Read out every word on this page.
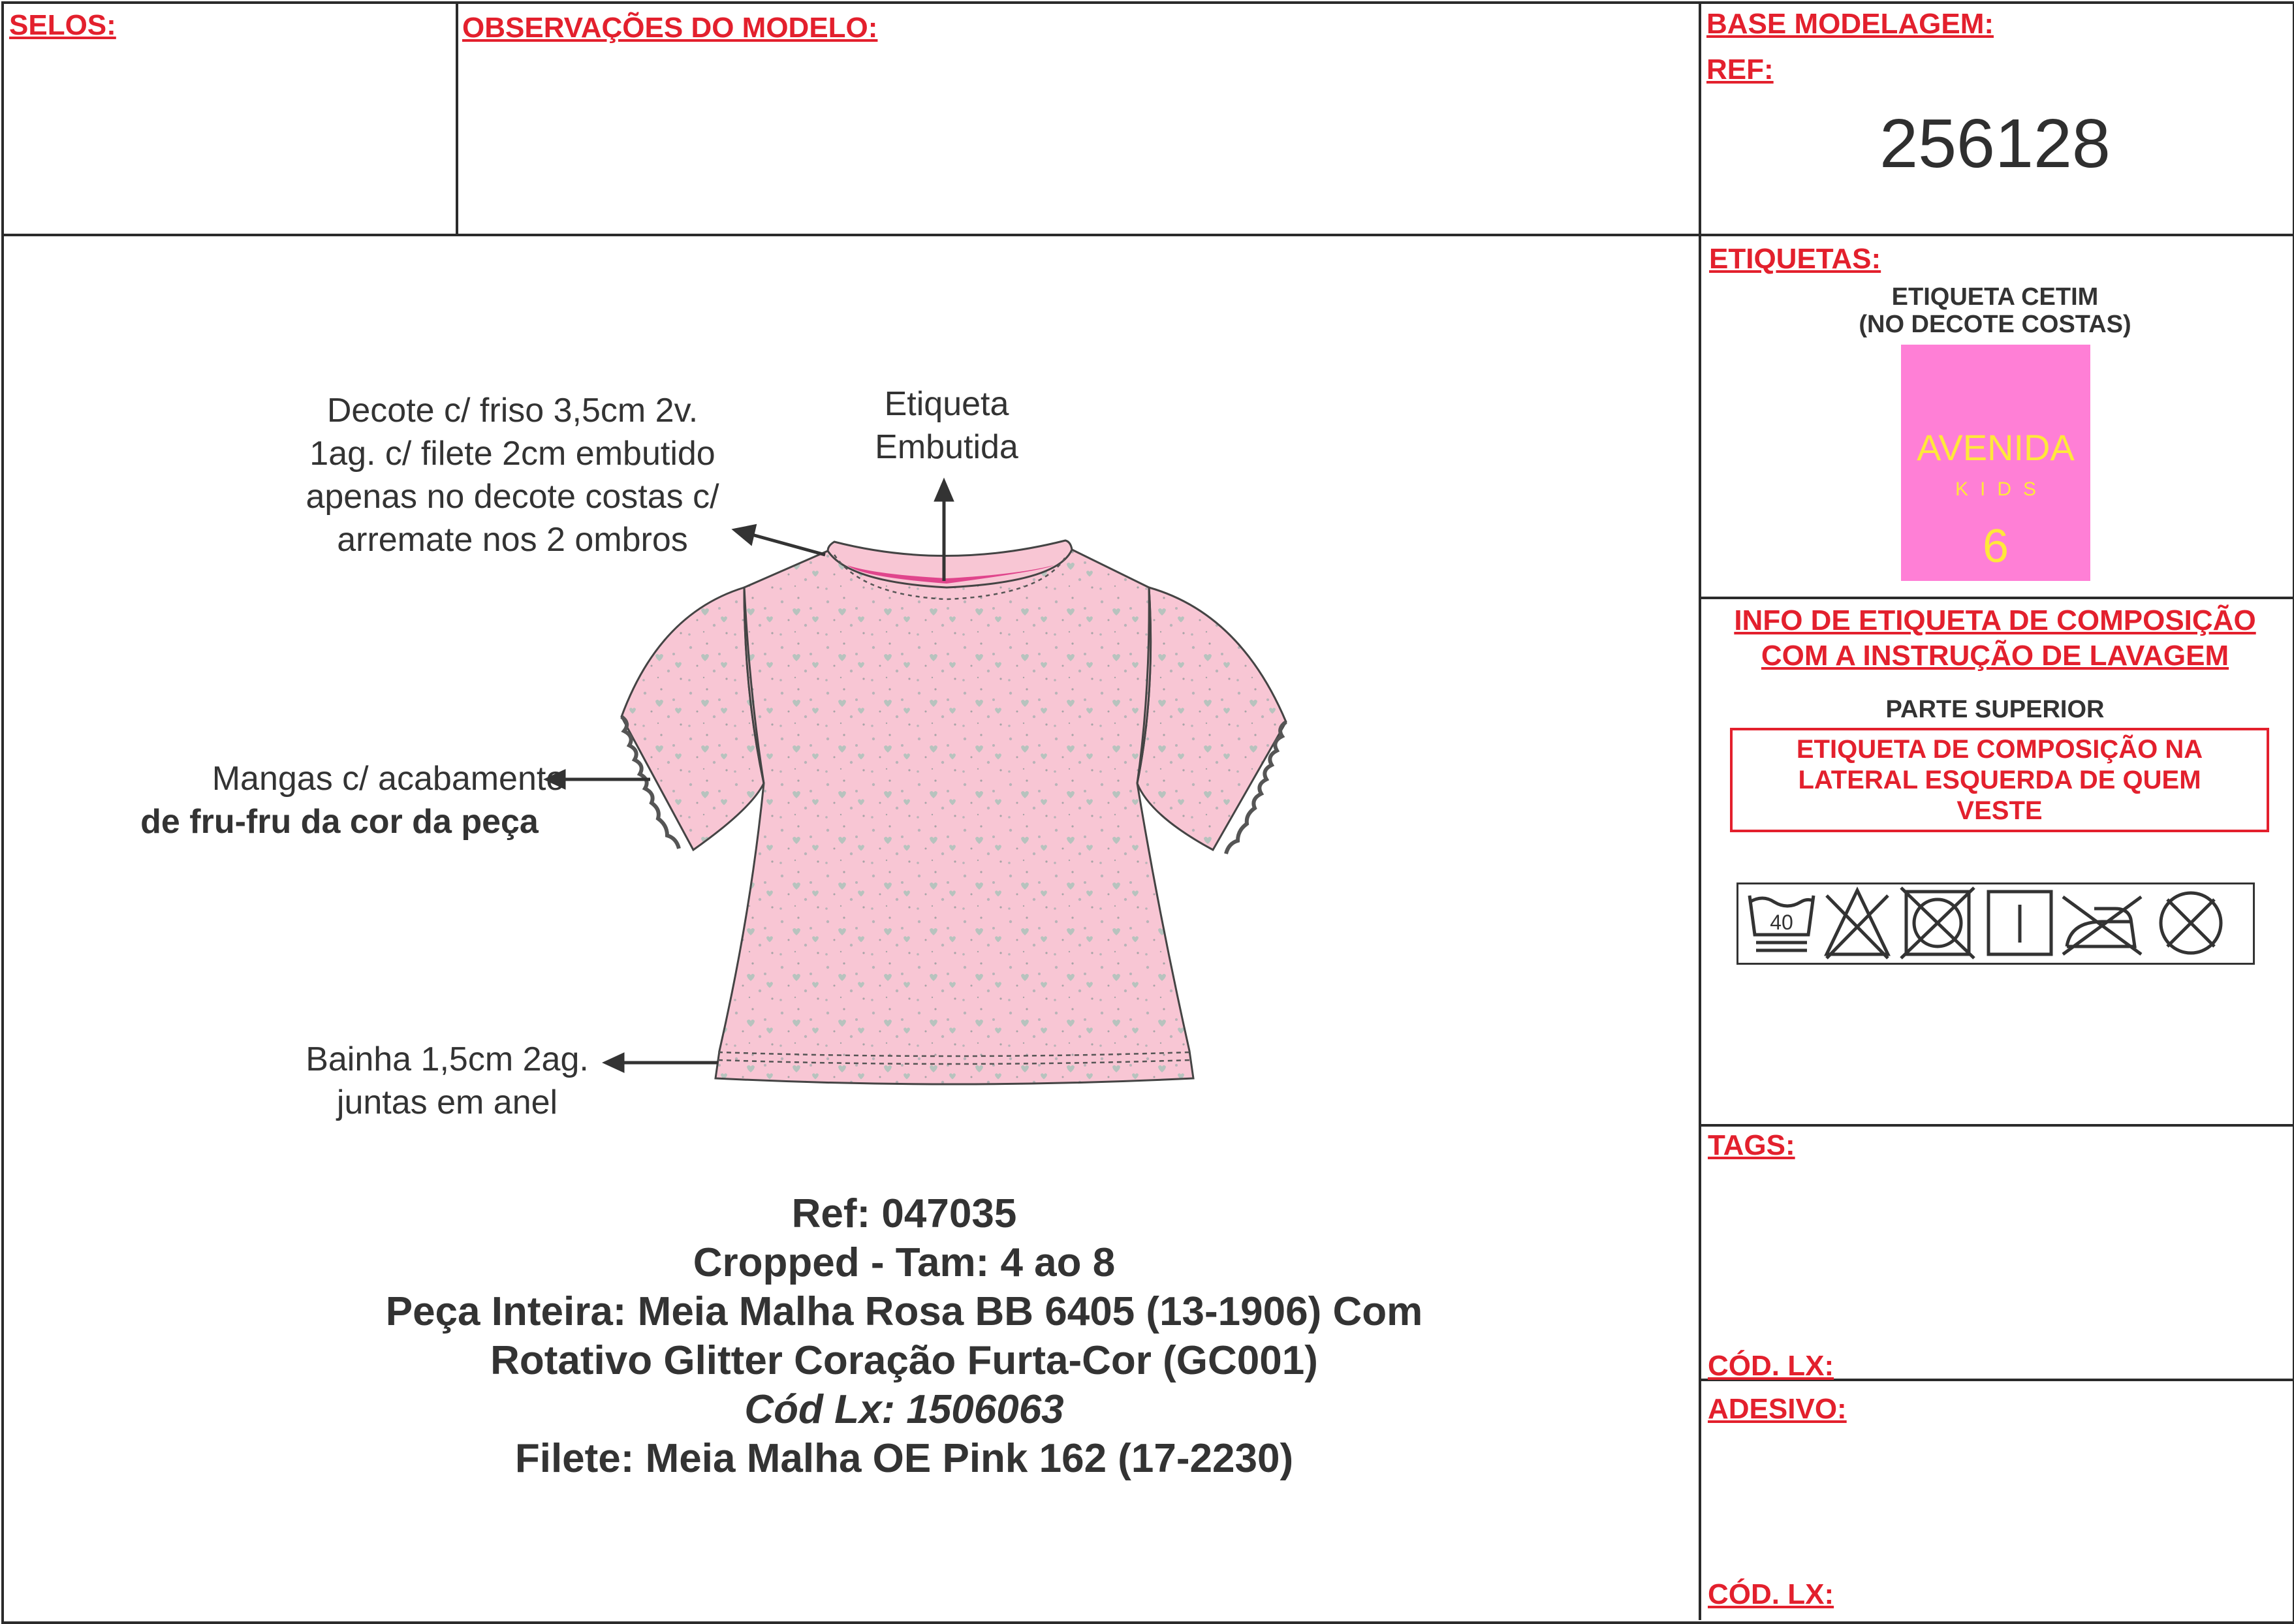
SELOS:	OBSERVAÇÕES DO MODELO:	BASE MODELAGEM:
REF:
256128
ETIQUETAS:
ETIQUETA CETIM
(NO DECOTE COSTAS)
AVENIDA
KIDS
6
INFO DE ETIQUETA DE COMPOSIÇÃO
COM A INSTRUÇÃO DE LAVAGEM
PARTE SUPERIOR
ETIQUETA DE COMPOSIÇÃO NA LATERAL ESQUERDA DE QUEM VESTE
40
TAGS:
CÓD. LX:
ADESIVO:
CÓD. LX:
Decote c/ friso 3,5cm 2v.
1ag. c/ filete 2cm embutido
apenas no decote costas c/
arremate nos 2 ombros
Etiqueta
Embutida
Mangas c/ acabamento
de fru-fru da cor da peça
Bainha 1,5cm 2ag.
juntas em anel
Ref: 047035
Cropped - Tam: 4 ao 8
Peça Inteira: Meia Malha Rosa BB 6405 (13-1906) Com
Rotativo Glitter Coração Furta-Cor (GC001)
Cód Lx: 1506063
Filete: Meia Malha OE Pink 162 (17-2230)
